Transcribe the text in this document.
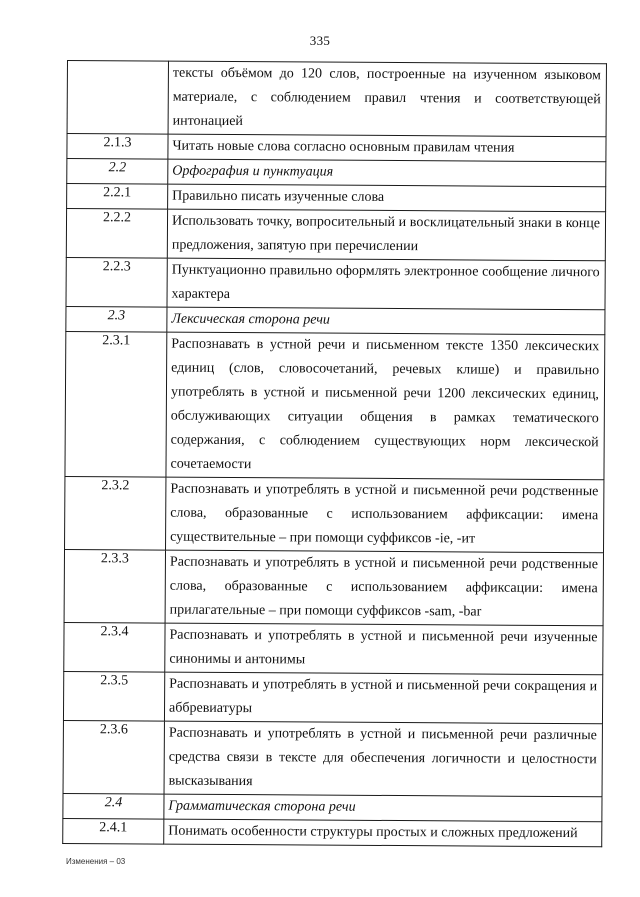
335
	тексты объёмом до 120 слов, построенные на изученном языковом материале, с соблюдением правил чтения и соответствующей интонацией
2.1.3	Читать новые слова согласно основным правилам чтения
2.2	Орфография и пунктуация
2.2.1	Правильно писать изученные слова
2.2.2	Использовать точку, вопросительный и восклицательный знаки в конце предложения, запятую при перечислении
2.2.3	Пунктуационно правильно оформлять электронное сообщение личного характера
2.3	Лексическая сторона речи
2.3.1	Распознавать в устной речи и письменном тексте 1350 лексических единиц (слов, словосочетаний, речевых клише) и правильно употреблять в устной и письменной речи 1200 лексических единиц, обслуживающих ситуации общения в рамках тематического содержания, с соблюдением существующих норм лексической сочетаемости
2.3.2	Распознавать и употреблять в устной и письменной речи родственные слова, образованные с использованием аффиксации: имена существительные – при помощи суффиксов -ie, -ит
2.3.3	Распознавать и употреблять в устной и письменной речи родственные слова, образованные с использованием аффиксации: имена прилагательные – при помощи суффиксов -sam, -bar
2.3.4	Распознавать и употреблять в устной и письменной речи изученные синонимы и антонимы
2.3.5	Распознавать и употреблять в устной и письменной речи сокращения и аббревиатуры
2.3.6	Распознавать и употреблять в устной и письменной речи различные средства связи в тексте для обеспечения логичности и целостности высказывания
2.4	Грамматическая сторона речи
2.4.1	Понимать особенности структуры простых и сложных предложений
Изменения – 03
